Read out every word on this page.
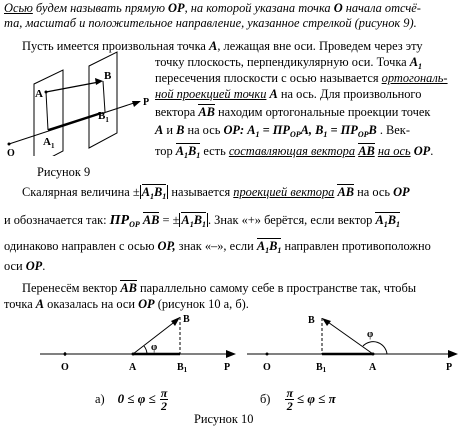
Осью будем называть прямую OP, на которой указана точка O начала отсчё-
та, масштаб и положительное направление, указанное стрелкой (рисунок 9).
Пусть имеется произвольная точка A, лежащая вне оси. Проведем через эту
точку плоскость, перпендикулярную оси. Точка $A_1$
пересечения плоскости с осью называется ортогональ-
ной проекцией точки A на ось. Для произвольного
вектора AB находим ортогональные проекции точек
A и B на ось OP: $A_1 = ПР_{OP}A$, $B_1 = ПР_{OP}B$ . Век-
тор $A_1B_1$ есть составляющая вектора AB на ось OP.
A
B
$A_1$
$B_1$
P
O
Рисунок 9
Скалярная величина ± $A_1B_1$ называется проекцией вектора AB на ось OP
и обозначается так: $ПР_{OP}$ AB = ± $A_1B_1$ . Знак «+» берётся, если вектор $A_1B_1$
одинаково направлен с осью OP, знак «–», если $A_1B_1$ направлен противоположно
оси OP.
Перенесём вектор AB параллельно самому себе в пространстве так, чтобы
точка A оказалась на оси OP (рисунок 10 а, б).
O	A
B
$B_1$
φ
P	O
B
$B_1$	A
φ
P
а) $0 \le \varphi \le \frac{\pi}{2}$	$б) \frac{\pi}{2} \le \varphi \le \pi$
Рисунок 10
